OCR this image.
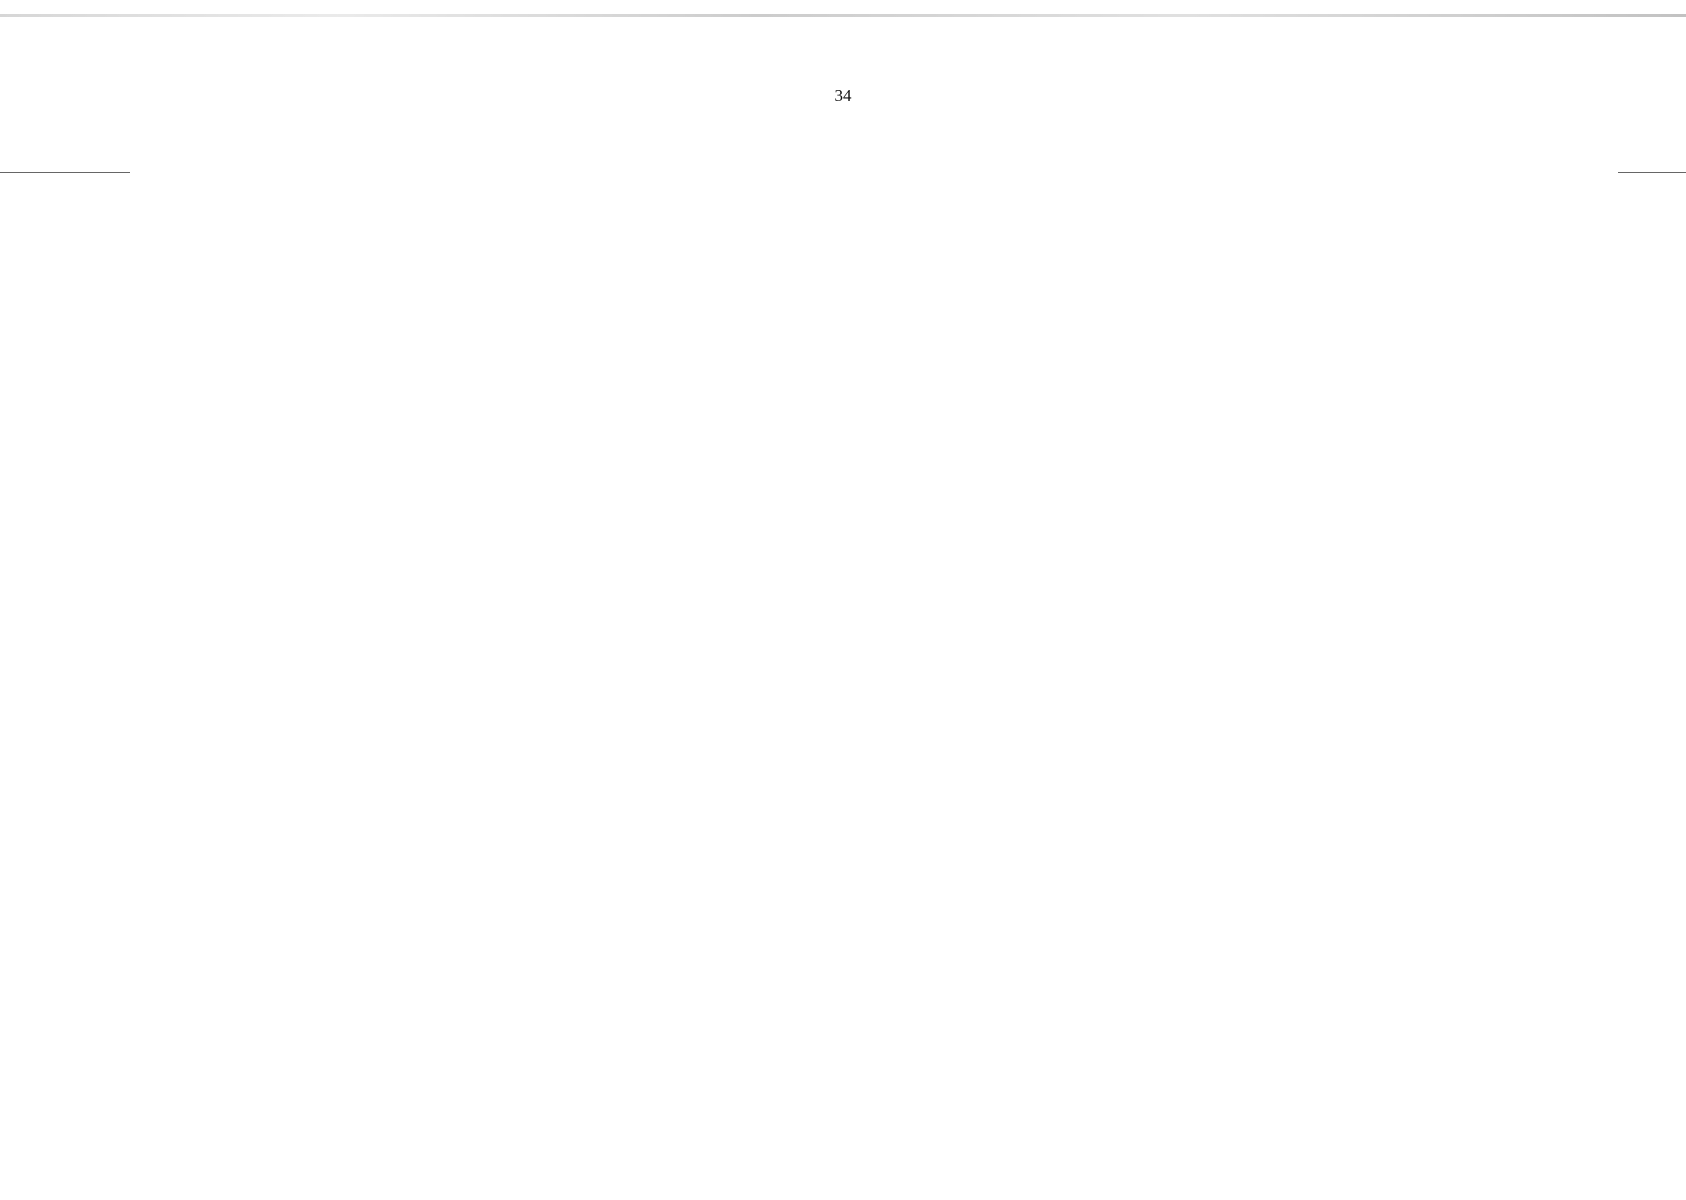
34
